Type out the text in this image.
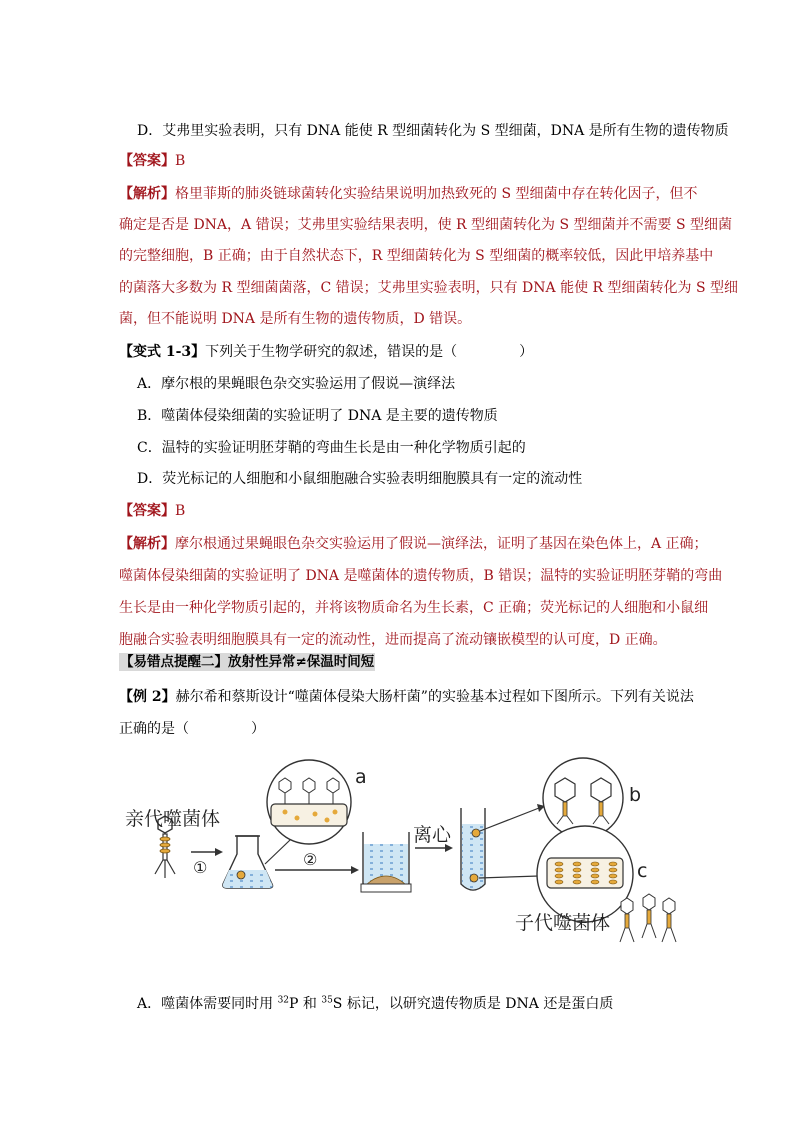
D．艾弗里实验表明，只有 DNA 能使 R 型细菌转化为 S 型细菌，DNA 是所有生物的遗传物质
【答案】B
【解析】格里菲斯的肺炎链球菌转化实验结果说明加热致死的 S 型细菌中存在转化因子，但不
确定是否是 DNA，A 错误；艾弗里实验结果表明，使 R 型细菌转化为 S 型细菌并不需要 S 型细菌
的完整细胞，B 正确；由于自然状态下，R 型细菌转化为 S 型细菌的概率较低，因此甲培养基中
的菌落大多数为 R 型细菌菌落，C 错误；艾弗里实验表明，只有 DNA 能使 R 型细菌转化为 S 型细
菌，但不能说明 DNA 是所有生物的遗传物质，D 错误。
【变式 1-3】下列关于生物学研究的叙述，错误的是（	）
A．摩尔根的果蝇眼色杂交实验运用了假说—演绎法
B．噬菌体侵染细菌的实验证明了 DNA 是主要的遗传物质
C．温特的实验证明胚芽鞘的弯曲生长是由一种化学物质引起的
D．荧光标记的人细胞和小鼠细胞融合实验表明细胞膜具有一定的流动性
【答案】B
【解析】摩尔根通过果蝇眼色杂交实验运用了假说—演绎法，证明了基因在染色体上，A 正确；
噬菌体侵染细菌的实验证明了 DNA 是噬菌体的遗传物质，B 错误；温特的实验证明胚芽鞘的弯曲
生长是由一种化学物质引起的，并将该物质命名为生长素，C 正确；荧光标记的人细胞和小鼠细
胞融合实验表明细胞膜具有一定的流动性，进而提高了流动镶嵌模型的认可度，D 正确。
【易错点提醒二】放射性异常≠保温时间短
【例 2】赫尔希和蔡斯设计“噬菌体侵染大肠杆菌”的实验基本过程如下图所示。下列有关说法
正确的是（	）
亲代噬菌体
①	②
离心
a
b
c
子代噬菌体
A．噬菌体需要同时用 $^{32}$P 和 $^{35}$S 标记，以研究遗传物质是 DNA 还是蛋白质
